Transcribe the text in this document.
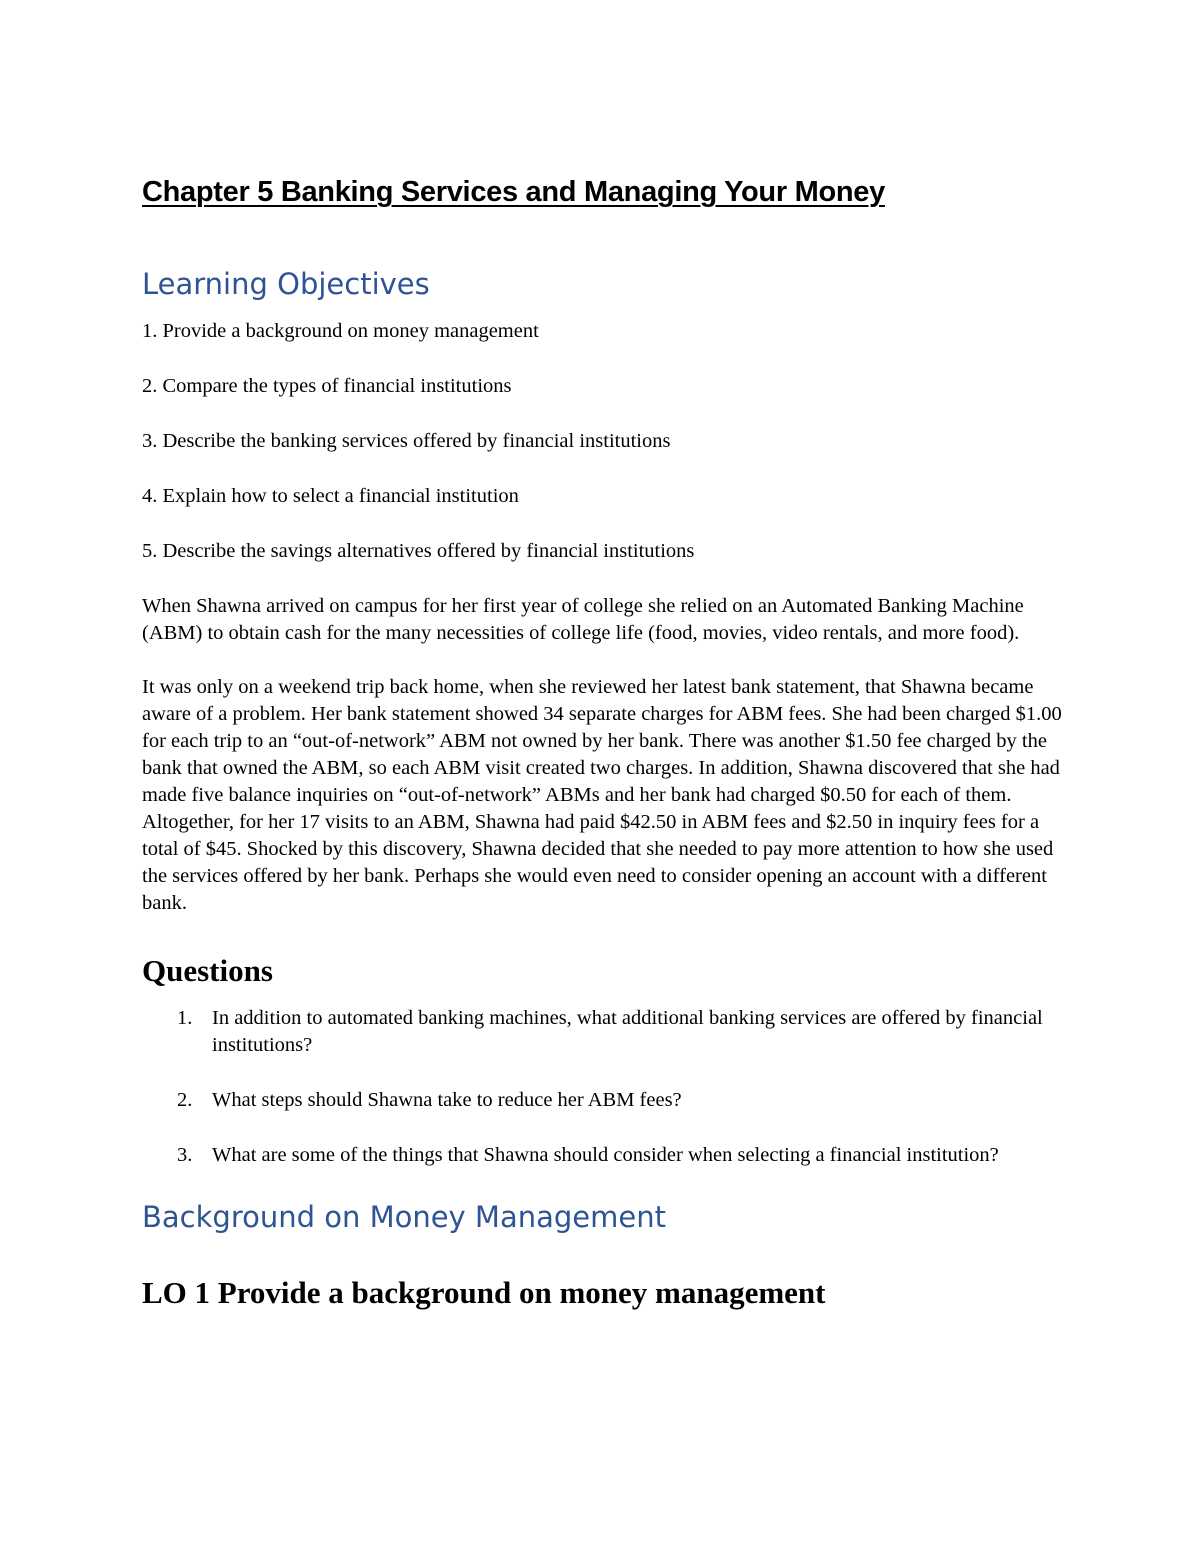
Chapter 5 Banking Services and Managing Your Money
Learning Objectives
1. Provide a background on money management
2. Compare the types of financial institutions
3. Describe the banking services offered by financial institutions
4. Explain how to select a financial institution
5. Describe the savings alternatives offered by financial institutions

When Shawna arrived on campus for her first year of college she relied on an Automated Banking Machine (ABM) to obtain cash for the many necessities of college life (food, movies, video rentals, and more food).

It was only on a weekend trip back home, when she reviewed her latest bank statement, that Shawna became aware of a problem. Her bank statement showed 34 separate charges for ABM fees. She had been charged $1.00 for each trip to an “out-of-network” ABM not owned by her bank. There was another $1.50 fee charged by the bank that owned the ABM, so each ABM visit created two charges. In addition, Shawna discovered that she had made five balance inquiries on “out-of-network” ABMs and her bank had charged $0.50 for each of them. Altogether, for her 17 visits to an ABM, Shawna had paid $42.50 in ABM fees and $2.50 in inquiry fees for a total of $45. Shocked by this discovery, Shawna decided that she needed to pay more attention to how she used the services offered by her bank. Perhaps she would even need to consider opening an account with a different bank.

Questions
1. In addition to automated banking machines, what additional banking services are offered by financial institutions?
2. What steps should Shawna take to reduce her ABM fees?
3. What are some of the things that Shawna should consider when selecting a financial institution?
Background on Money Management
LO 1 Provide a background on money management
